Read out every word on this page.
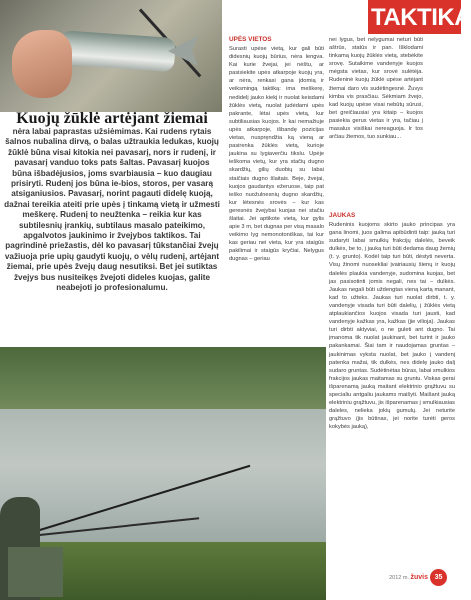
TAKTIKA
Kuojų žūklė artėjant žiemai
nėra labai paprastas užsiėmimas. Kai rudens rytais šalnos nubalina dirvą, o balas užtraukia ledukas, kuojų žūklė būna visai kitokia nei pavasarį, nors ir rudenį, ir pavasarį vanduo toks pats šaltas. Pavasarį kuojos būna išbadėjusios, joms svarbiausia – kuo daugiau prisiryti. Rudenį jos būna ie-bios, storos, per vasarą atsiganiusios. Pavasarį, norint pagauti didelę kuoją, dažnai tereikia ateiti prie upės į tinkamą vietą ir užmesti meškerę. Rudenį to neužtenka – reikia kur kas subtilesnių įrankių, subtilaus masalo pateikimo, apgalvotos jaukinimo ir žvejybos taktikos. Tai pagrindinė priežastis, dėl ko pavasarį tūkstančiai žvejų važiuoja prie upių gaudyti kuojų, o vėlų rudenį, artėjant žiemai, prie upės žvejų daug nesutiksi. Bet jei sutiktas žvejys bus nusiteikęs žvejoti dideles kuojas, galite neabejoti jo profesionalumu.
UPĖS VIETOS

Surasti upėse vietą, kur gali būti didesnių kuojų būrius, nėra lengva. Kai kurie žvejai, jei nėštu, ar pasisiekite upės atkarpoje kuojų yra, ar nėra, renkasi gana įdomią ir veiksmingą taktiką: ima meškerę, nedidelį jauko kiekį ir nuolat keisdami žūklės vietą, nuolat judėdami upės pakrante, lėtai upės vietą, kur subtiliausias kuojos. Ir kai nemažiuje upės atkarpoje, išbandę pozicijas vietas, nuspręndžia ką vieną ar pasirenka žūklės vietą, kurioje jaukina su lygiaverčiu tikslu. Upėje ieškoma vietų, kur yra stačių dugno skardžių, gilių duobių su labai staičiais dugno šlaitais. Beje, žvejai, kuojos gaudantys ežeruose, taip pat ieško nuožulnesnių dugno skardžių, kur lėtesnės srovės – kur kas geresnės žvejybai kuojas nei stačiu šlaitai. Jei aptikote vietą, kur gylis apie 3 m, bet dugnas per visą masalo veikimo lyg nemonotoniškas, tai kur kas geriau nei vieta, kur yra staigūs pakilimai ir staigūs kryčiai. Nelygus dugnas – geriau

nei lygus, bet nelygumai neturi būti aštrūs, statūs ir pan. Išklodami tinkamą kuojų žūklės vietą, stebėkite srovę. Sutaikime vandenyje kuojos mėgsta vietas, kur srovė sulėtėja. Rudeninė kuojų žūklė upėse artėjant žiemai daro vis sudėtingesnė. Žuvys kimba vis prasčiau. Sėkmiam žvejo, kad kuojų upėse visai nebūtų sūrusi, bet greičiausiai yra kitaip – kuojos pasiekia gerus vietas ir yra, tačiau į masalus visiškai nereaguoja. Ir tos arčiau žiemos, tuo sunkiau...

JAUKAS

Rudeninis kuojoms skirto jauko principas yra gana linomi, juos galima apibūdinti taip: jauką turi sudaryti labai smulkių frakcijų dalelės, beveik dulkės, be to, į jauką turi būti dedama daug žemių (t. y. grunto). Kodėl taip turi būti, dėstyti neverta. Visų žinomi nuosekliai įvairiausių šienų ir kuojų dalelės plaukia vandenyje, sudomina kuojas, bet jas pasisotinti jomis negali, nes tai – dulkės. Jaukas negali būti uždengtas vieną kartą manant, kad to užteks. Jaukas turi nuolat dirbti, t. y. vandenyje visada turi būti dalelių, į žūklės vietą atplaukiančios kuojos visada turi jausti, kad vandenyje kažkas yra, kažkas (jie vilioja). Jaukas turi dirbti aktyviai, o ne guleti ant dugno. Tai įmanoma tik nuolat jaukinant, bet turint ir jauko pakankamai. Šiai tam ir naudojamas gruntas – jaukinimas vyksta nuolat, bet jauko į vandenį patenka mažai, tik dulkės, nes didelę jauko dalį sudaro gruntas. Sudėtinėtas būras, labai smulkios frakcijos jaukas maitamas su gruntu. Viskas gerai išparenamą jauką maitant elektrinio grąžtuvu su specialiu antgaliu jaukams maišyti. Maišant jauką elektriniu grąžtuvu, jis išparenamas į smulkiausias daleles, nelieka jokių gumulų. Jei neturite grąžtuvo (jis būtinas, jei norite turėti geros kokybės jauką),

2012 m. žuvis 35
